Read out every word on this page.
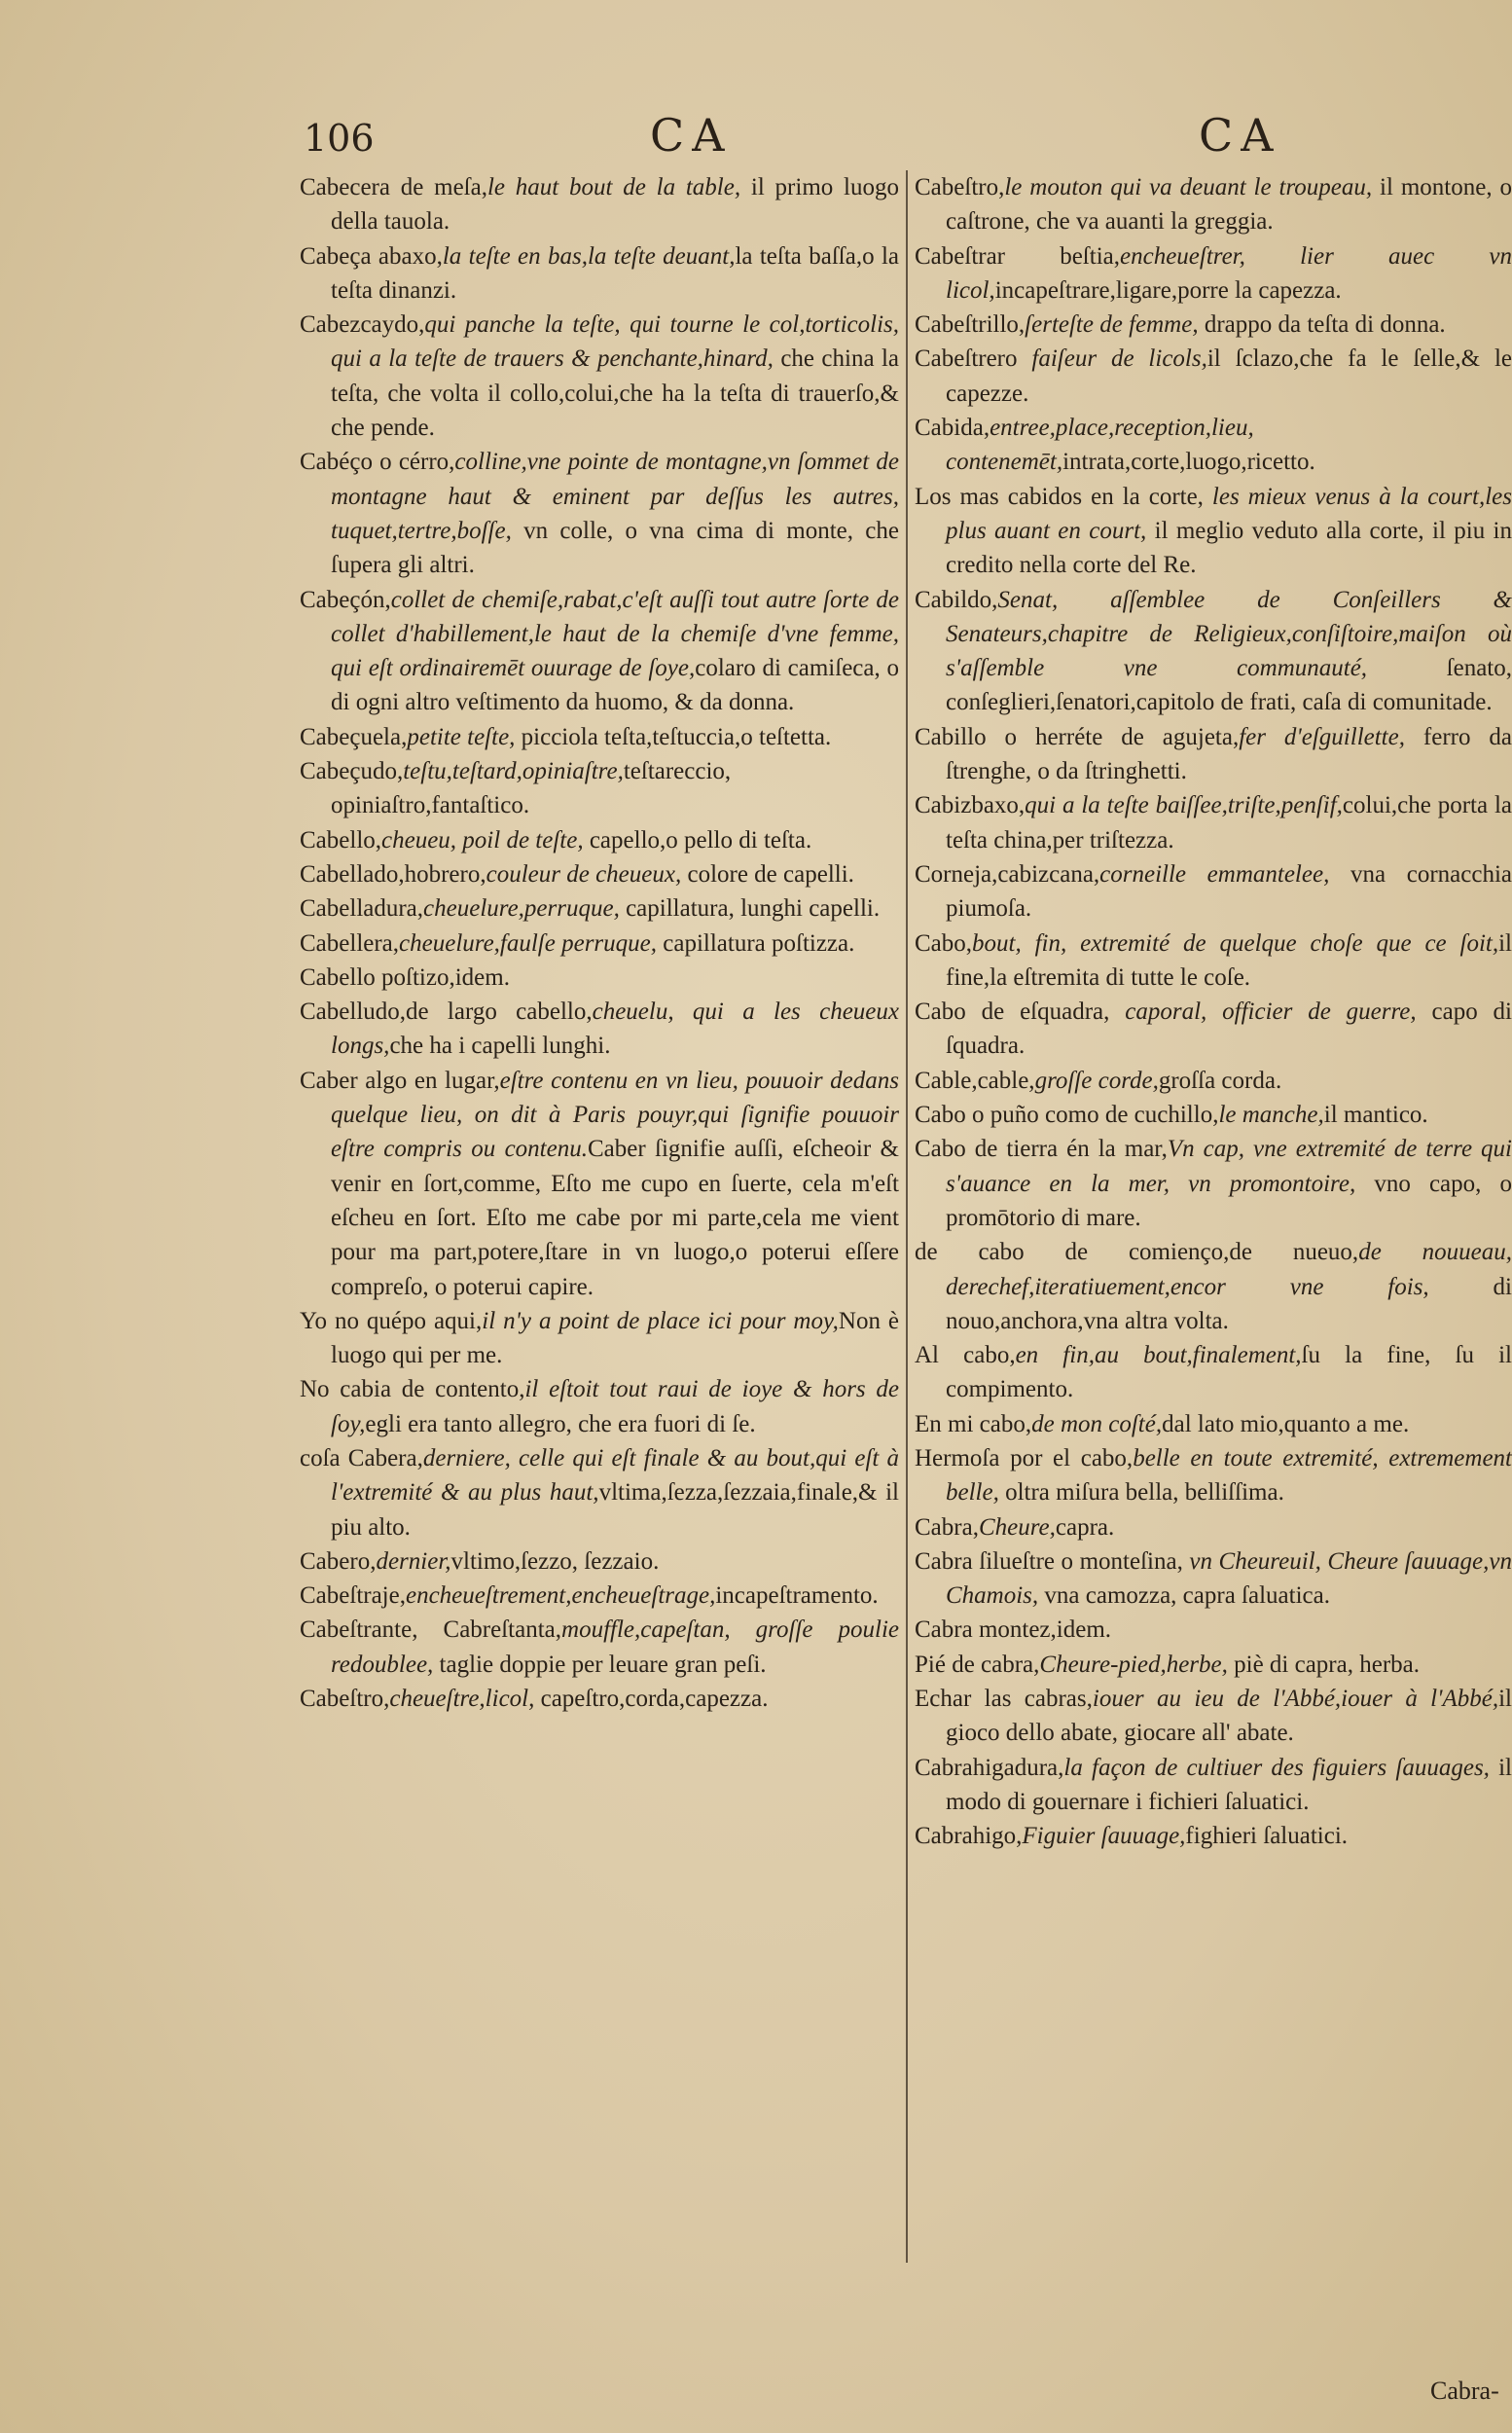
106	CA	CA

Cabecera de meſa,le haut bout de la table, il primo luogo della tauola.

Cabeça abaxo,la teſte en bas,la teſte deuant,la teſta baſſa,o la teſta dinanzi.

Cabezcaydo,qui panche la teſte, qui tourne le col,torticolis, qui a la teſte de trauers & penchante,hinard, che china la teſta, che volta il collo,colui,che ha la teſta di trauerſo,& che pende.

Cabéço o cérro,colline,vne pointe de montagne,vn ſommet de montagne haut & eminent par deſſus les autres, tuquet,tertre,boſſe, vn colle, o vna cima di monte, che ſupera gli altri.

Cabeçón,collet de chemiſe,rabat,c'eſt auſſi tout autre ſorte de collet d'habillement,le haut de la chemiſe d'vne femme, qui eſt ordinairemēt ouurage de ſoye,colaro di camiſeca, o di ogni altro veſtimento da huomo, & da donna.

Cabeçuela,petite teſte, picciola teſta,teſtuccia,o teſtetta.

Cabeçudo,teſtu,teſtard,opiniaſtre,teſtareccio, opiniaſtro,fantaſtico.

Cabello,cheueu, poil de teſte, capello,o pello di teſta.

Cabellado,hobrero,couleur de cheueux, colore de capelli.

Cabelladura,cheuelure,perruque, capillatura, lunghi capelli.

Cabellera,cheuelure,faulſe perruque, capillatura poſtizza.

Cabello poſtizo,idem.

Cabelludo,de largo cabello,cheuelu, qui a les cheueux longs,che ha i capelli lunghi.

Caber algo en lugar,eſtre contenu en vn lieu, pouuoir dedans quelque lieu, on dit à Paris pouyr,qui ſignifie pouuoir eſtre compris ou contenu.Caber ſignifie auſſi, eſcheoir & venir en ſort,comme, Eſto me cupo en ſuerte, cela m'eſt eſcheu en ſort. Eſto me cabe por mi parte,cela me vient pour ma part,potere,ſtare in vn luogo,o poterui eſſere compreſo, o poterui capire.

Yo no quépo aqui,il n'y a point de place ici pour moy,Non è luogo qui per me.

No cabia de contento,il eſtoit tout raui de ioye & hors de ſoy,egli era tanto allegro, che era fuori di ſe.

coſa Cabera,derniere, celle qui eſt finale & au bout,qui eſt à l'extremité & au plus haut,vltima,ſezza,ſezzaia,finale,& il piu alto.

Cabero,dernier,vltimo,ſezzo, ſezzaio.

Cabeſtraje,encheueſtrement,encheueſtrage,incapeſtramento.

Cabeſtrante, Cabreſtanta,mouffle,capeſtan, groſſe poulie redoublee, taglie doppie per leuare gran peſi.

Cabeſtro,cheueſtre,licol, capeſtro,corda,capezza.

Cabeſtro,le mouton qui va deuant le troupeau, il montone, o caſtrone, che va auanti la greggia.

Cabeſtrar beſtia,encheueſtrer, lier auec vn licol,incapeſtrare,ligare,porre la capezza.

Cabeſtrillo,ſerteſte de femme, drappo da teſta di donna.

Cabeſtrero faiſeur de licols,il ſclazo,che fa le ſelle,& le capezze.

Cabida,entree,place,reception,lieu, contenemēt,intrata,corte,luogo,ricetto.

Los mas cabidos en la corte, les mieux venus à la court,les plus auant en court, il meglio veduto alla corte, il piu in credito nella corte del Re.

Cabildo,Senat, aſſemblee de Conſeillers & Senateurs,chapitre de Religieux,conſiſtoire,maiſon où s'aſſemble vne communauté, ſenato, conſeglieri,ſenatori,capitolo de frati, caſa di comunitade.

Cabillo o herréte de agujeta,fer d'eſguillette, ferro da ſtrenghe, o da ſtringhetti.

Cabizbaxo,qui a la teſte baiſſee,triſte,penſif,colui,che porta la teſta china,per triſtezza.

Corneja,cabizcana,corneille emmantelee, vna cornacchia piumoſa.

Cabo,bout, fin, extremité de quelque choſe que ce ſoit,il fine,la eſtremita di tutte le coſe.

Cabo de eſquadra, caporal, officier de guerre, capo di ſquadra.

Cable,cable,groſſe corde,groſſa corda.

Cabo o puño como de cuchillo,le manche,il mantico.

Cabo de tierra én la mar,Vn cap, vne extremité de terre qui s'auance en la mer, vn promontoire, vno capo, o promōtorio di mare.

de cabo de comienço,de nueuo,de nouueau, derechef,iteratiuement,encor vne fois, di nouo,anchora,vna altra volta.

Al cabo,en fin,au bout,finalement,ſu la fine, ſu il compimento.

En mi cabo,de mon coſté,dal lato mio,quanto a me.

Hermoſa por el cabo,belle en toute extremité, extremement belle, oltra miſura bella, belliſſima.

Cabra,Cheure,capra.

Cabra ſilueſtre o monteſina, vn Cheureuil, Cheure ſauuage,vn Chamois, vna camozza, capra ſaluatica.

Cabra montez,idem.

Pié de cabra,Cheure-pied,herbe, piè di capra, herba.

Echar las cabras,iouer au ieu de l'Abbé,iouer à l'Abbé,il gioco dello abate, giocare all' abate.

Cabrahigadura,la façon de cultiuer des figuiers ſauuages, il modo di gouernare i fichieri ſaluatici.

Cabrahigo,Figuier ſauuage,fighieri ſaluatici.

Cabra-
